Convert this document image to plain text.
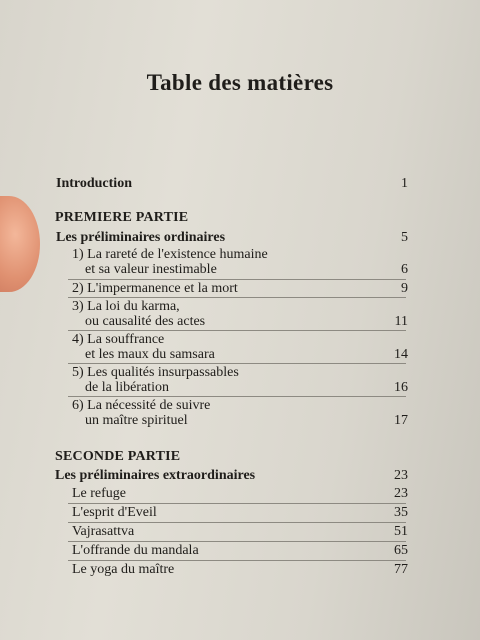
Table des matières
Introduction	1
PREMIERE PARTIE
Les préliminaires ordinaires	5
1) La rareté de l'existence humaine
et sa valeur inestimable	6
2) L'impermanence et la mort	9
3) La loi du karma,
ou causalité des actes	11
4) La souffrance
et les maux du samsara	14
5) Les qualités insurpassables
de la libération	16
6) La nécessité de suivre
un maître spirituel	17
SECONDE PARTIE
Les préliminaires extraordinaires	23
Le refuge	23
L'esprit d'Eveil	35
Vajrasattva	51
L'offrande du mandala	65
Le yoga du maître	77
